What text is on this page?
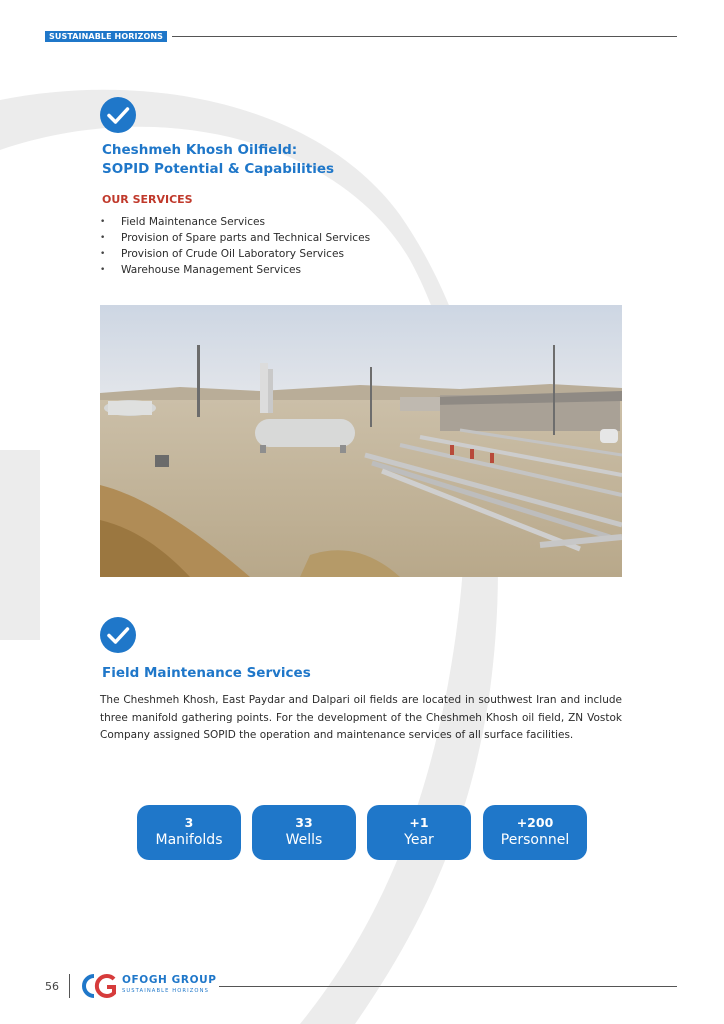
SUSTAINABLE HORIZONS
Cheshmeh Khosh Oilfield:
SOPID Potential & Capabilities
OUR SERVICES
• Field Maintenance Services
• Provision of Spare parts and Technical Services
• Provision of Crude Oil Laboratory Services
• Warehouse Management Services
Field Maintenance Services

The Cheshmeh Khosh, East Paydar and Dalpari oil fields are located in southwest Iran and include three manifold gathering points. For the development of the Cheshmeh Khosh oil field, ZN Vostok Company assigned SOPID the operation and maintenance services of all surface facilities.

3
Manifolds
33
Wells
+1
Year
+200
Personnel
56	OFOGH GROUP
SUSTAINABLE HORIZONS
